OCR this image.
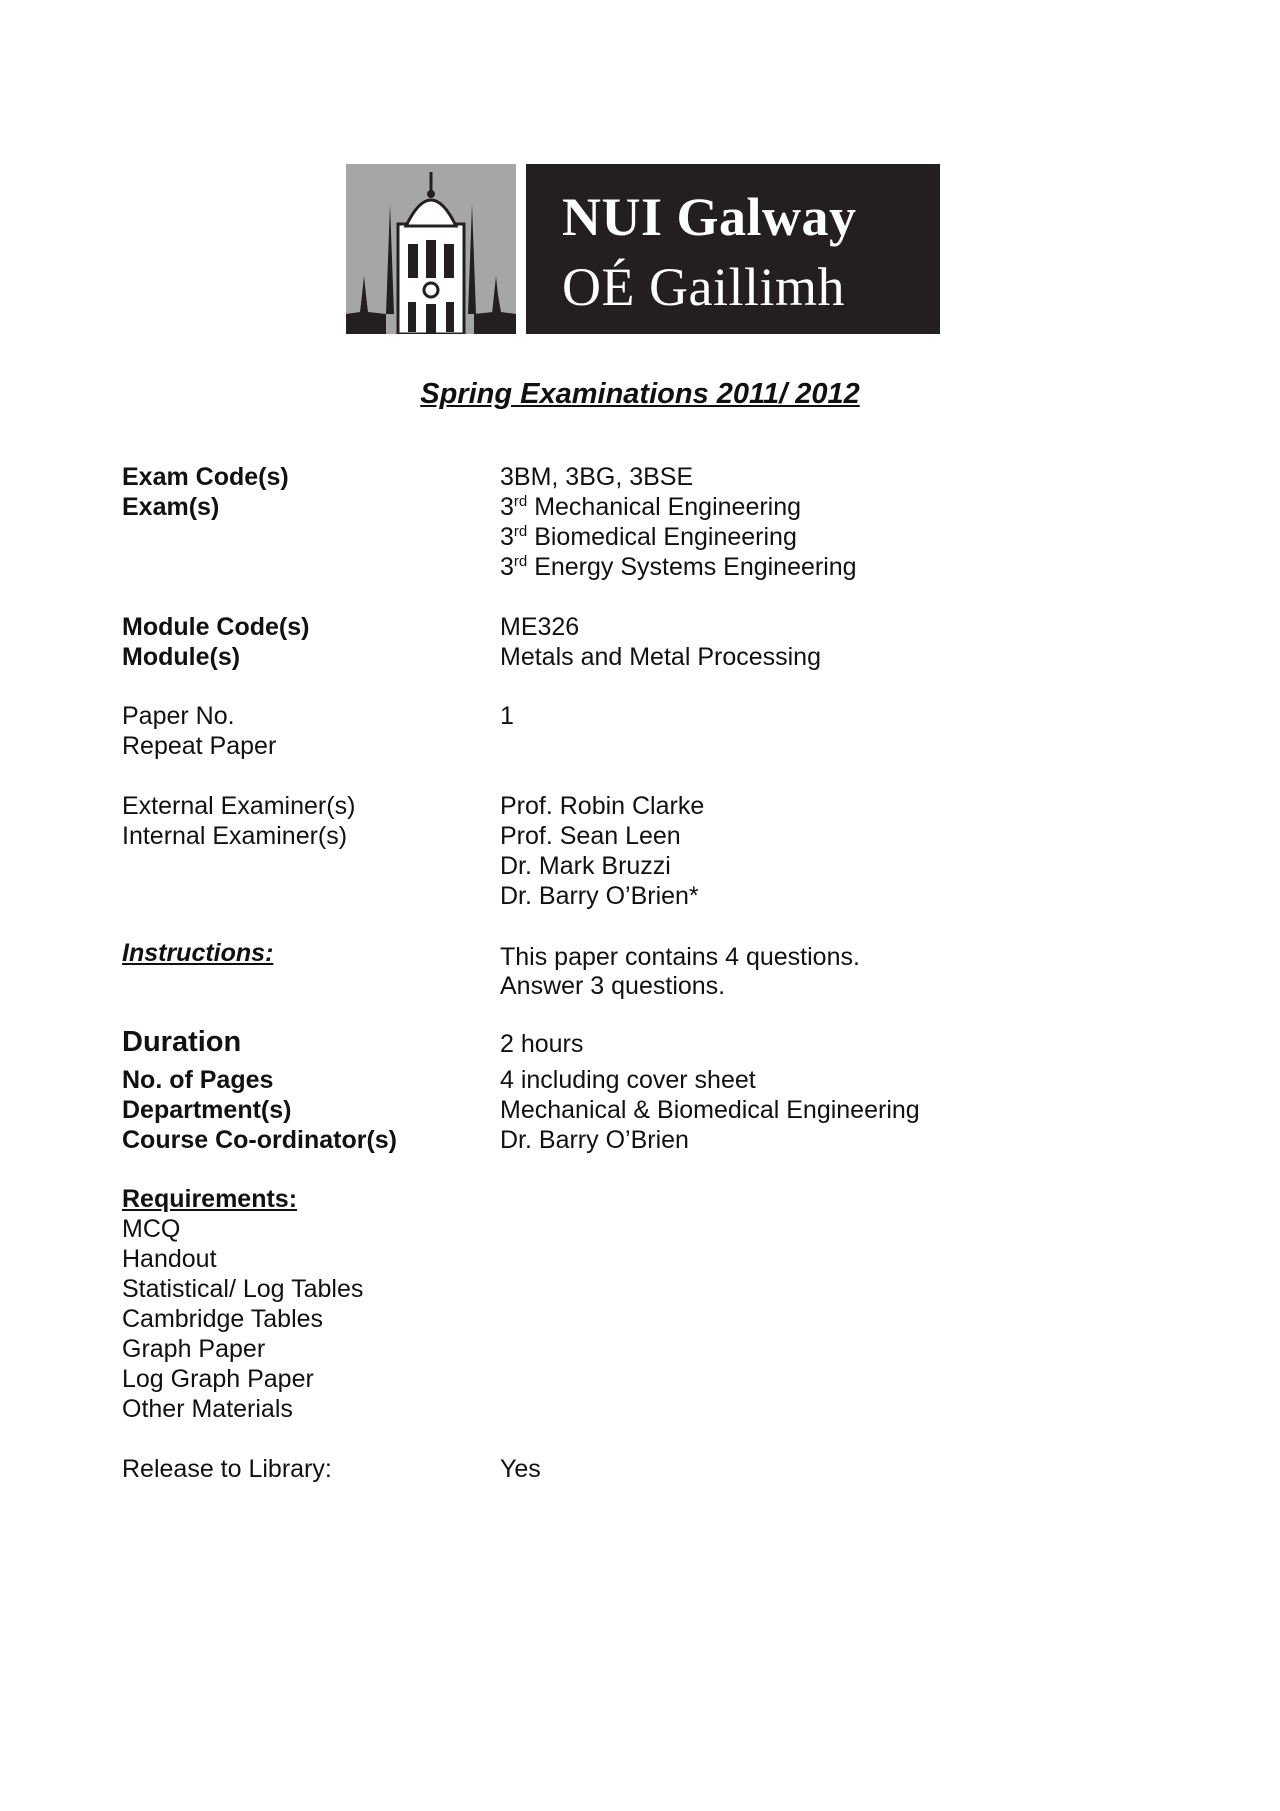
NUI Galway
OÉ Gaillimh
Spring Examinations 2011/ 2012
Exam Code(s)	3BM, 3BG, 3BSE
Exam(s)	3rd Mechanical Engineering
3rd Biomedical Engineering
3rd Energy Systems Engineering
Module Code(s)	ME326
Module(s)	Metals and Metal Processing
Paper No.	1
Repeat Paper
External Examiner(s)	Prof. Robin Clarke
Internal Examiner(s)	Prof. Sean Leen
Dr. Mark Bruzzi
Dr. Barry O’Brien*
Instructions:	This paper contains 4 questions.
Answer 3 questions.
Duration	2 hours
No. of Pages	4 including cover sheet
Department(s)	Mechanical & Biomedical Engineering
Course Co-ordinator(s)	Dr. Barry O’Brien
Requirements:
MCQ
Handout
Statistical/ Log Tables
Cambridge Tables
Graph Paper
Log Graph Paper
Other Materials
Release to Library:	Yes
